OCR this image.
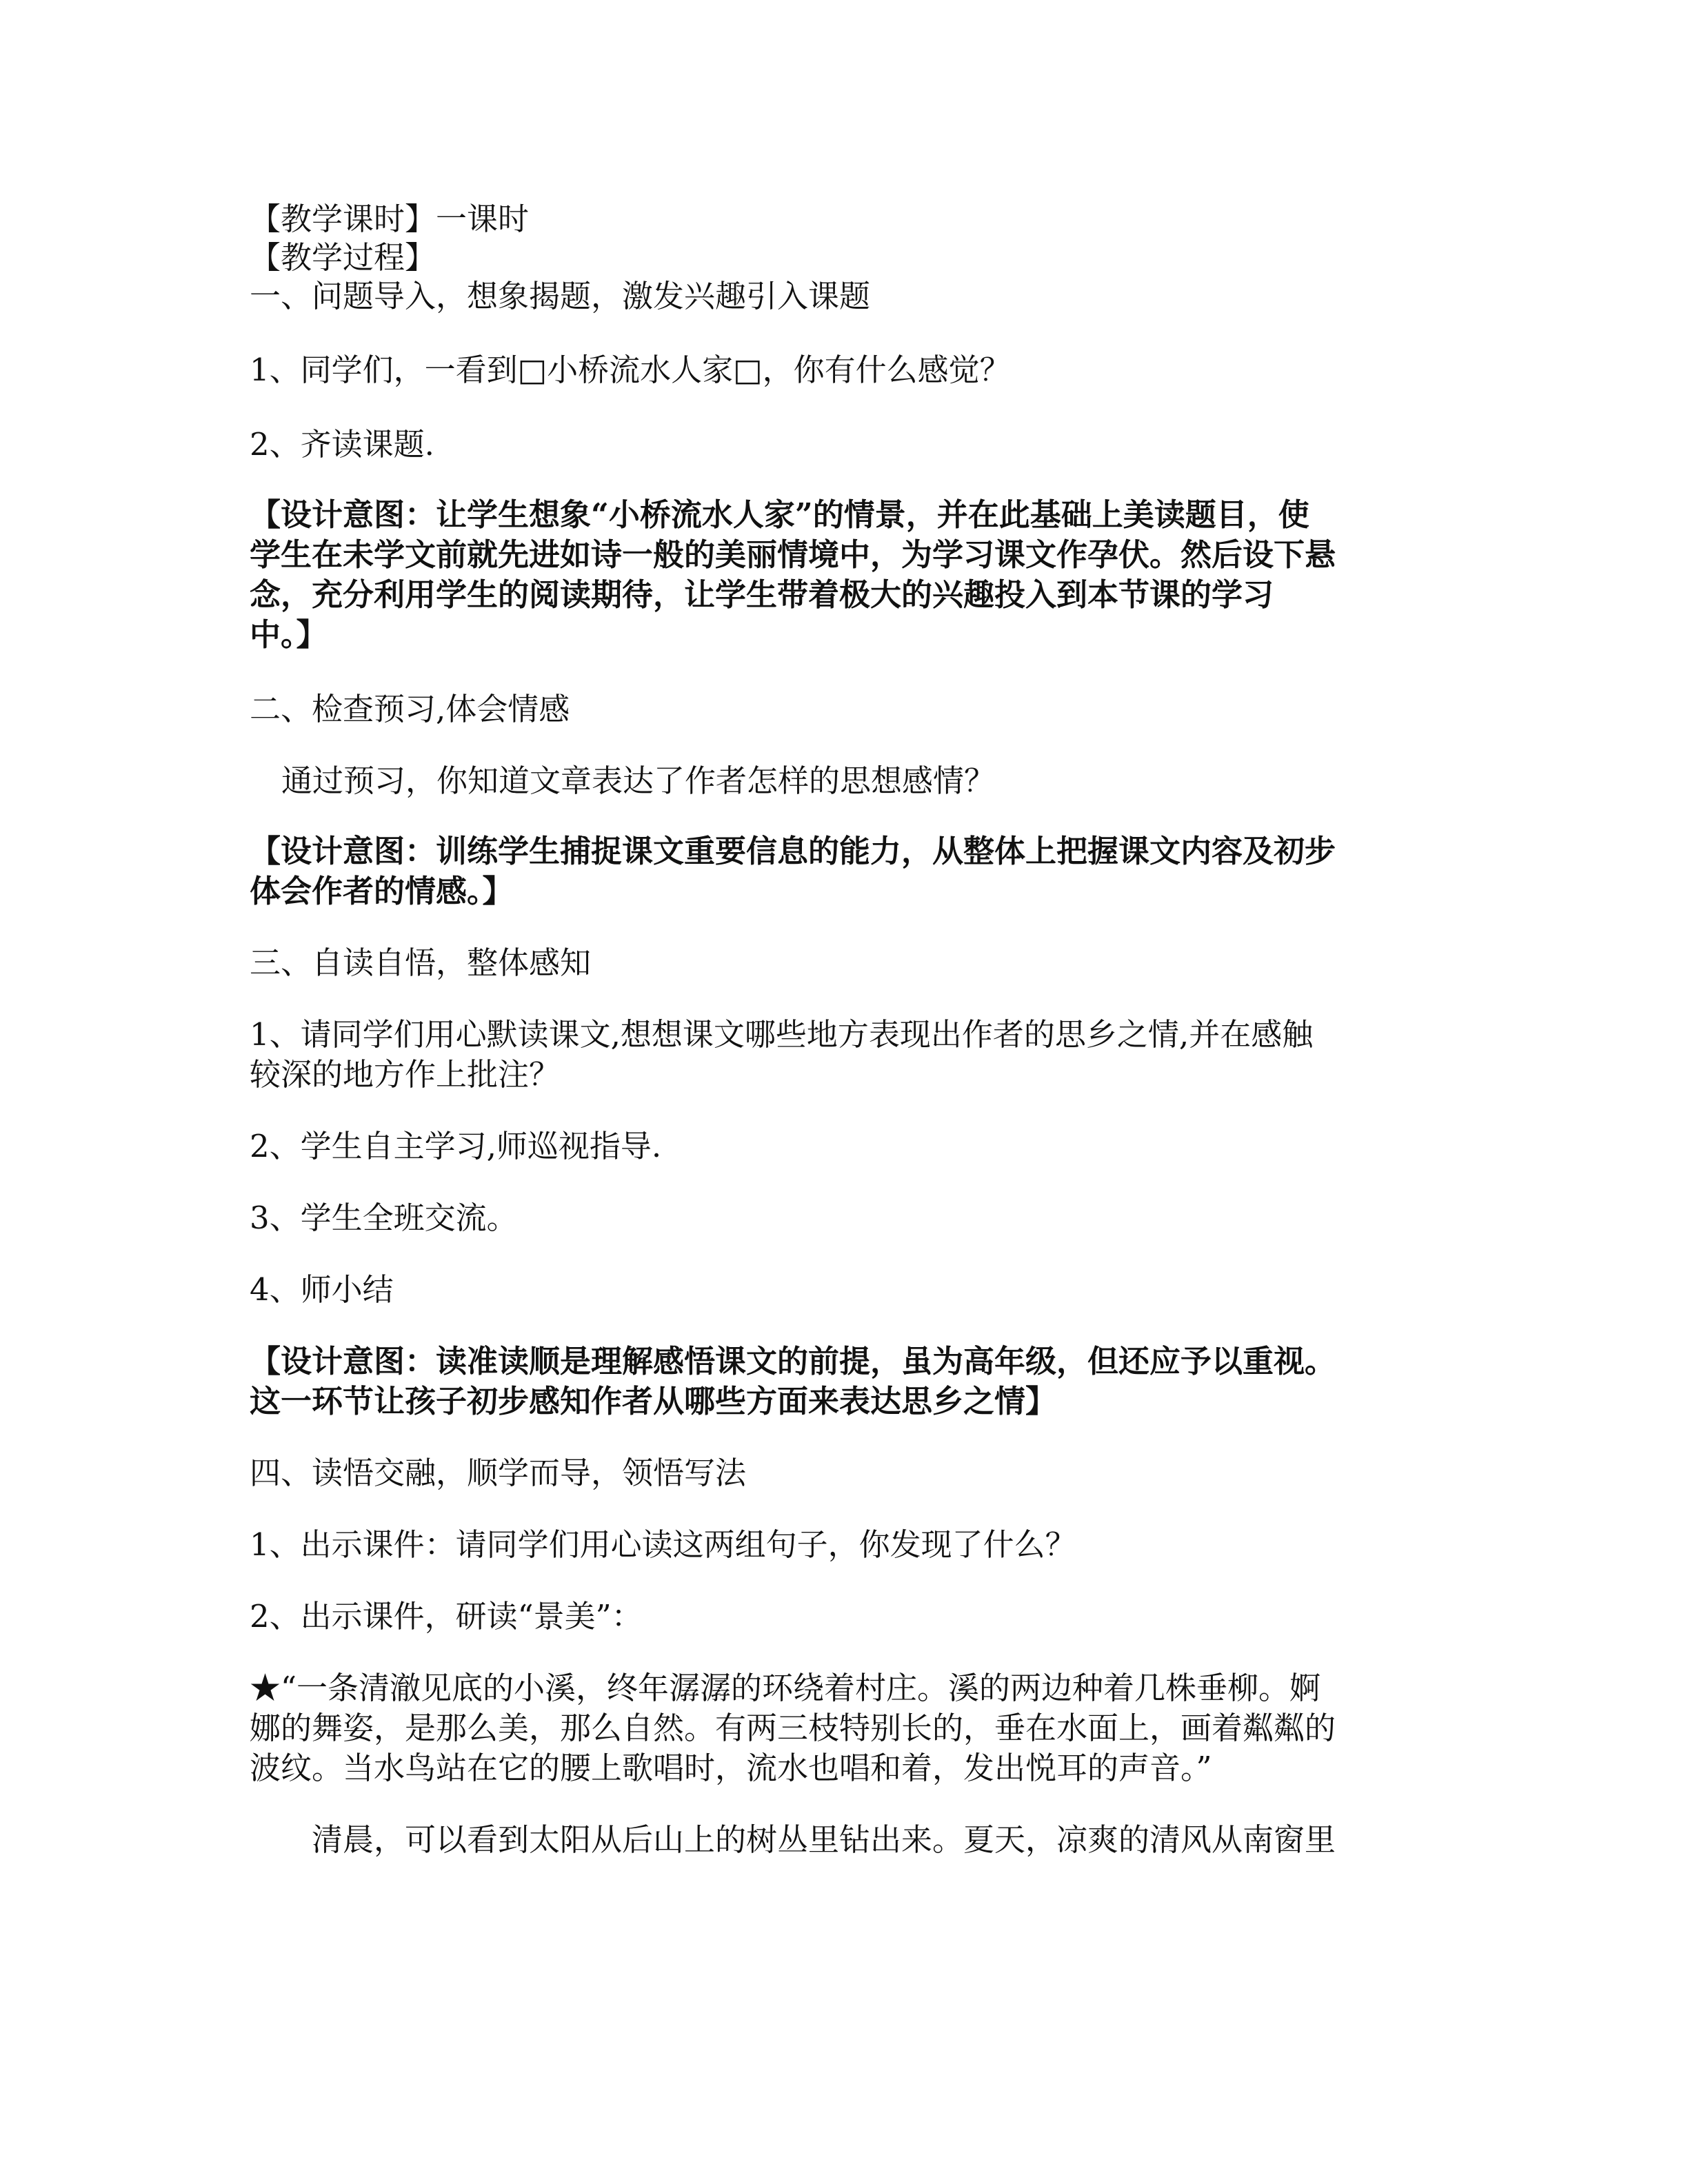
【教学课时】一课时

【教学过程】

一、问题导入，想象揭题，激发兴趣引入课题

1、同学们，一看到□小桥流水人家□，你有什么感觉？

2、齐读课题.

【设计意图：让学生想象“小桥流水人家”的情景，并在此基础上美读题目，使

学生在未学文前就先进如诗一般的美丽情境中，为学习课文作孕伏。然后设下悬

念，充分利用学生的阅读期待，让学生带着极大的兴趣投入到本节课的学习

中。】

二、检查预习,体会情感

通过预习，你知道文章表达了作者怎样的思想感情？

【设计意图：训练学生捕捉课文重要信息的能力，从整体上把握课文内容及初步

体会作者的情感。】

三、自读自悟，整体感知

1、请同学们用心默读课文,想想课文哪些地方表现出作者的思乡之情,并在感触

较深的地方作上批注？

2、学生自主学习,师巡视指导.

3、学生全班交流。

4、师小结

【设计意图：读准读顺是理解感悟课文的前提，虽为高年级，但还应予以重视。

这一环节让孩子初步感知作者从哪些方面来表达思乡之情】

四、读悟交融，顺学而导，领悟写法

1、出示课件：请同学们用心读这两组句子，你发现了什么？

2、出示课件，研读“景美”：

★“一条清澈见底的小溪，终年潺潺的环绕着村庄。溪的两边种着几株垂柳。婀

娜的舞姿，是那么美，那么自然。有两三枝特别长的，垂在水面上，画着粼粼的

波纹。当水鸟站在它的腰上歌唱时，流水也唱和着，发出悦耳的声音。”

清晨，可以看到太阳从后山上的树丛里钻出来。夏天，凉爽的清风从南窗里
